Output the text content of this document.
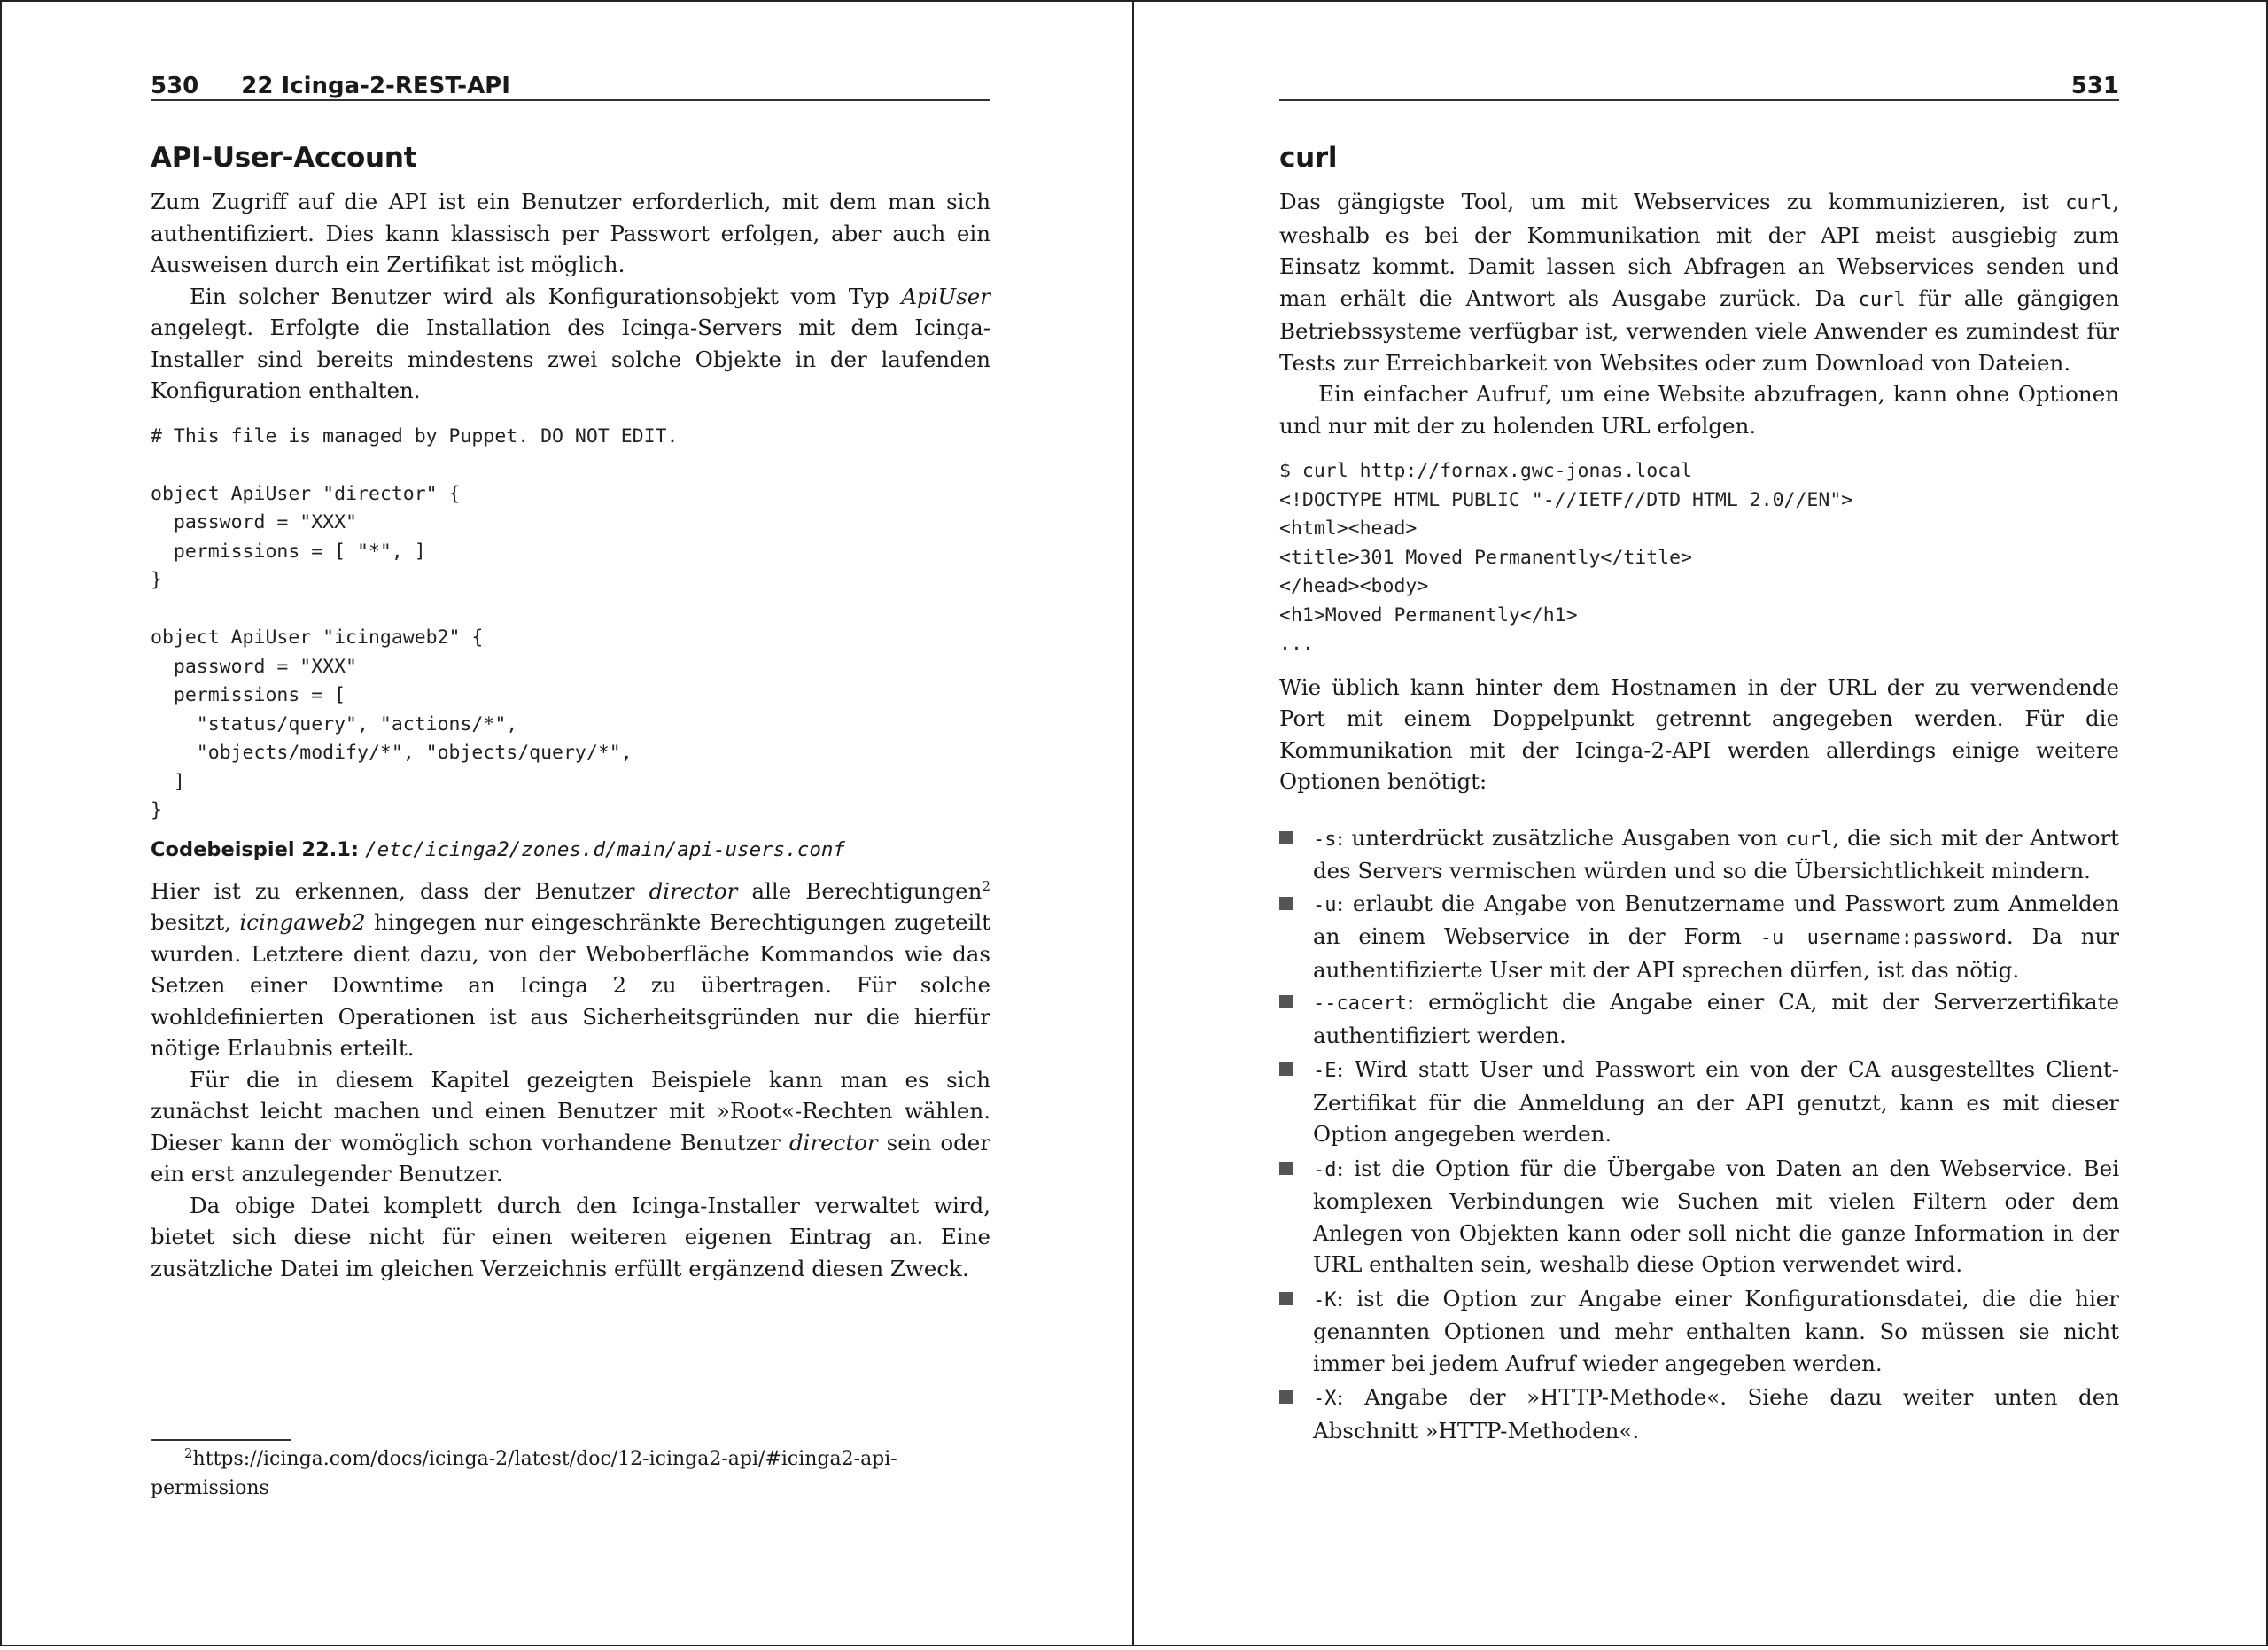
530 22 Icinga-2-REST-API
API-User-Account

Zum Zugriff auf die API ist ein Benutzer erforderlich, mit dem man sich authentifiziert. Dies kann klassisch per Passwort erfolgen, aber auch ein Ausweisen durch ein Zertifikat ist möglich.

Ein solcher Benutzer wird als Konfigurationsobjekt vom Typ ApiUser angelegt. Erfolgte die Installation des Icinga-Servers mit dem Icinga-Installer sind bereits mindestens zwei solche Objekte in der laufenden Konfiguration enthalten.

# This file is managed by Puppet. DO NOT EDIT.

object ApiUser "director" {
password = "XXX"
permissions = [ "*", ]
}

object ApiUser "icingaweb2" {
password = "XXX"
permissions = [
"status/query", "actions/*",
"objects/modify/*", "objects/query/*",
]
}
Codebeispiel 22.1: /etc/icinga2/zones.d/main/api-users.conf

Hier ist zu erkennen, dass der Benutzer director alle Berechtigungen$^2$ besitzt, icingaweb2 hingegen nur eingeschränkte Berechtigungen zugeteilt wurden. Letztere dient dazu, von der Weboberfläche Kommandos wie das Setzen einer Downtime an Icinga 2 zu übertragen. Für solche wohldefinierten Operationen ist aus Sicherheitsgründen nur die hierfür nötige Erlaubnis erteilt.

Für die in diesem Kapitel gezeigten Beispiele kann man es sich zunächst leicht machen und einen Benutzer mit »Root«-Rechten wählen. Dieser kann der womöglich schon vorhandene Benutzer director sein oder ein erst anzulegender Benutzer.

Da obige Datei komplett durch den Icinga-Installer verwaltet wird, bietet sich diese nicht für einen weiteren eigenen Eintrag an. Eine zusätzliche Datei im gleichen Verzeichnis erfüllt ergänzend diesen Zweck.

$^2$https://icinga.com/docs/icinga-2/latest/doc/12-icinga2-api/#icinga2-api-permissions
531
curl

Das gängigste Tool, um mit Webservices zu kommunizieren, ist curl, weshalb es bei der Kommunikation mit der API meist ausgiebig zum Einsatz kommt. Damit lassen sich Abfragen an Webservices senden und man erhält die Antwort als Ausgabe zurück. Da curl für alle gängigen Betriebssysteme verfügbar ist, verwenden viele Anwender es zumindest für Tests zur Erreichbarkeit von Websites oder zum Download von Dateien.

Ein einfacher Aufruf, um eine Website abzufragen, kann ohne Optionen und nur mit der zu holenden URL erfolgen.

$ curl http://fornax.gwc-jonas.local
<!DOCTYPE HTML PUBLIC "-//IETF//DTD HTML 2.0//EN">
<html><head>
<title>301 Moved Permanently</title>
</head><body>
<h1>Moved Permanently</h1>
...

Wie üblich kann hinter dem Hostnamen in der URL der zu verwendende Port mit einem Doppelpunkt getrennt angegeben werden. Für die Kommunikation mit der Icinga-2-API werden allerdings einige weitere Optionen benötigt:

-s: unterdrückt zusätzliche Ausgaben von curl, die sich mit der Antwort des Servers vermischen würden und so die Übersichtlichkeit mindern.
-u: erlaubt die Angabe von Benutzername und Passwort zum Anmelden an einem Webservice in der Form -u username:password. Da nur authentifizierte User mit der API sprechen dürfen, ist das nötig.
--cacert: ermöglicht die Angabe einer CA, mit der Serverzertifikate authentifiziert werden.
-E: Wird statt User und Passwort ein von der CA ausgestelltes Client-Zertifikat für die Anmeldung an der API genutzt, kann es mit dieser Option angegeben werden.
-d: ist die Option für die Übergabe von Daten an den Webservice. Bei komplexen Verbindungen wie Suchen mit vielen Filtern oder dem Anlegen von Objekten kann oder soll nicht die ganze Information in der URL enthalten sein, weshalb diese Option verwendet wird.
-K: ist die Option zur Angabe einer Konfigurationsdatei, die die hier genannten Optionen und mehr enthalten kann. So müssen sie nicht immer bei jedem Aufruf wieder angegeben werden.
-X: Angabe der »HTTP-Methode«. Siehe dazu weiter unten den Abschnitt »HTTP-Methoden«.
